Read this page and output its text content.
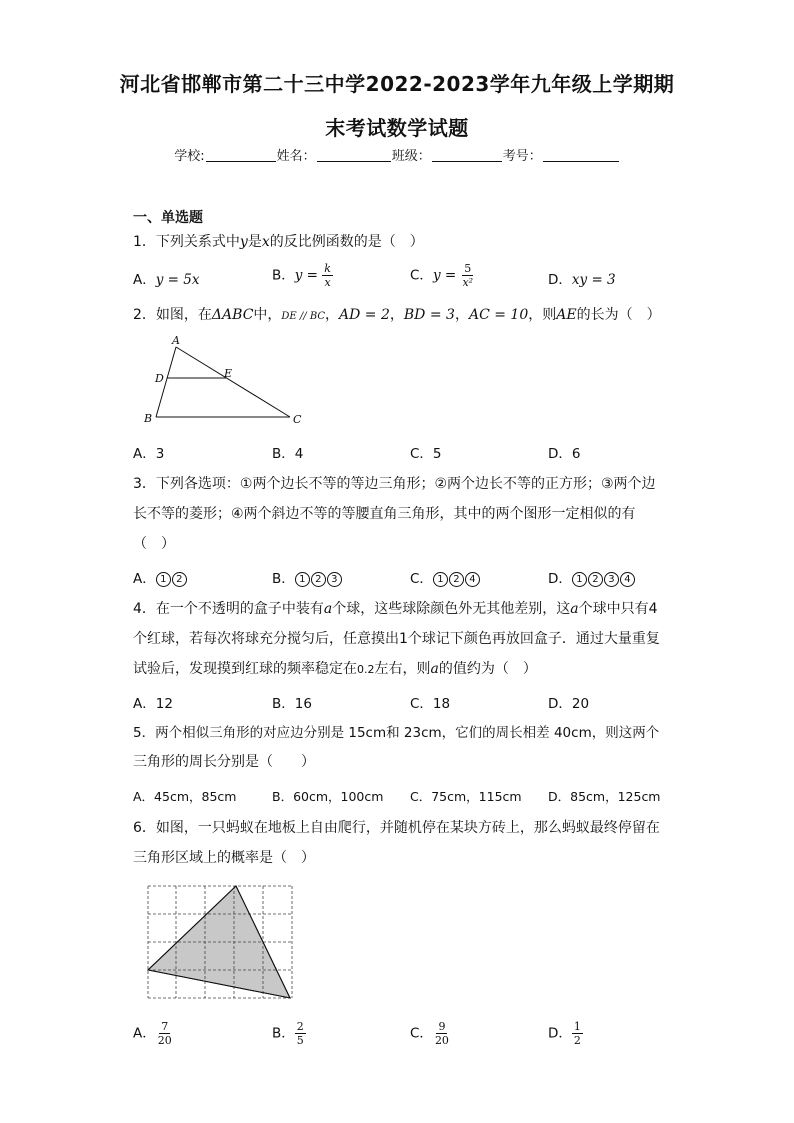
河北省邯郸市第二十三中学2022-2023学年九年级上学期期
末考试数学试题
学校:	姓名：	班级：	考号：
一、单选题
1．下列关系式中y是x的反比例函数的是（　）
A．y = 5x	B．$y = \frac{k}{x}$	C．$y = \frac{5}{\text{x²}}$	D．xy = 3
2．如图，在ΔABC中，DE // BC，AD = 2，BD = 3，AC = 10，则AE的长为（　）
A
D	E
B	C
A．3	B．4	C．5	D．6
3．下列各选项：①两个边长不等的等边三角形；②两个边长不等的正方形；③两个边
长不等的菱形；④两个斜边不等的等腰直角三角形，其中的两个图形一定相似的有
（　）
A． 1 2	B． 1 2 3	C． 1 2 4	D． 1 2 3 4
4．在一个不透明的盒子中装有a个球，这些球除颜色外无其他差别，这a个球中只有4
个红球，若每次将球充分搅匀后，任意摸出1个球记下颜色再放回盒子．通过大量重复
试验后，发现摸到红球的频率稳定在0.2左右，则a的值约为（　）
A．12	B．16	C．18	D．20
5．两个相似三角形的对应边分别是 15cm和 23cm，它们的周长相差 40cm，则这两个
三角形的周长分别是（　　）
A．45cm，85cm	B．60cm，100cm C．75cm，115cm D．85cm，125cm
6．如图，一只蚂蚁在地板上自由爬行，并随机停在某块方砖上，那么蚂蚁最终停留在
三角形区域上的概率是（　）
A． $\frac{7}{20}$	B． $\frac{2}{5}$	C． $\frac{9}{20}$	D． $\frac{1}{2}$
